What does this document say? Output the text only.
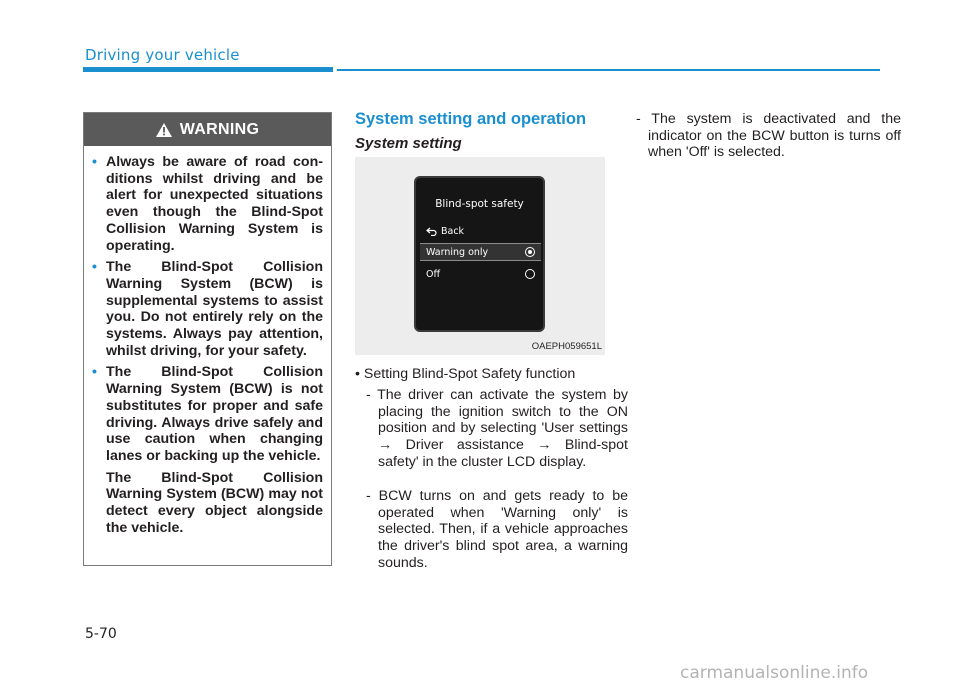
Driving your vehicle
WARNING
• Always be aware of road conditions whilst driving and be alert for unexpected situations even though the Blind-Spot Collision Warning System is operating.
• The Blind-Spot Collision Warning System (BCW) is supplemental systems to assist you. Do not entirely rely on the systems. Always pay attention, whilst driving, for your safety.
• The Blind-Spot Collision Warning System (BCW) is not substitutes for proper and safe driving. Always drive safely and use caution when changing lanes or backing up the vehicle.
The Blind-Spot Collision Warning System (BCW) may not detect every object alongside the vehicle.
System setting and operation
System setting
Blind-spot safety
Back
Warning only
Off
OAEPH059651L
• Setting Blind-Spot Safety function
- The driver can activate the system by placing the ignition switch to the ON position and by selecting 'User settings → Driver assistance → Blind-spot safety' in the cluster LCD display.
- BCW turns on and gets ready to be operated when 'Warning only' is selected. Then, if a vehicle approaches the driver's blind spot area, a warning sounds.
- The system is deactivated and the indicator on the BCW button is turns off when 'Off' is selected.
5-70
carmanualsonline.info
